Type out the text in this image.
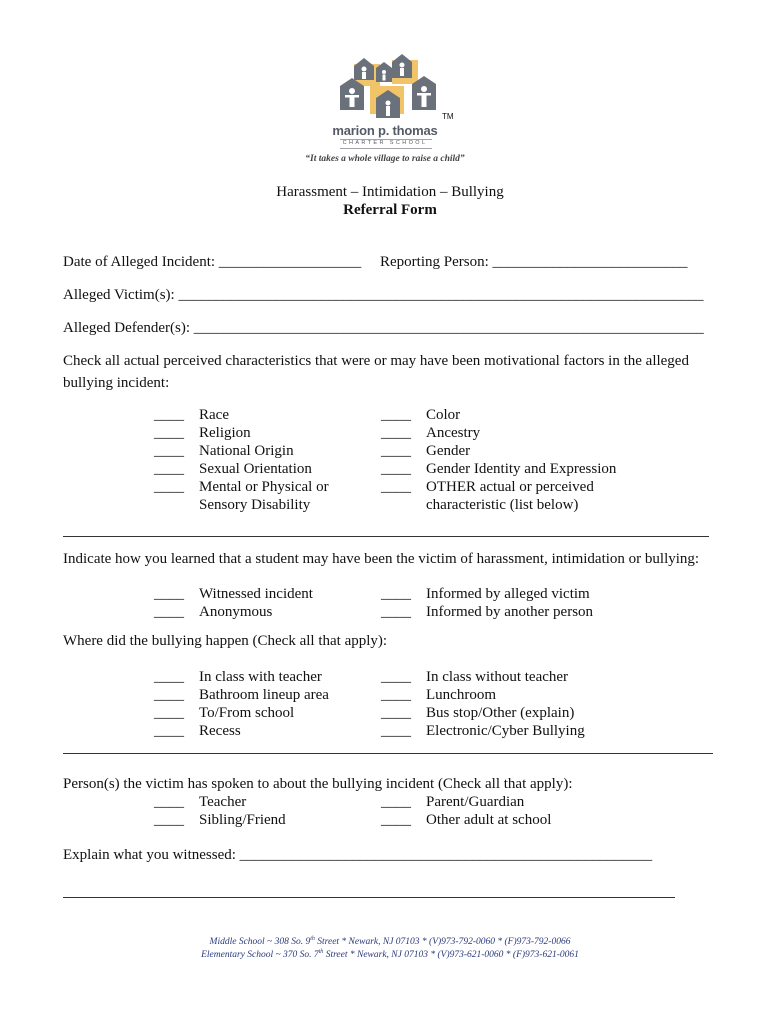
TM
marion p. thomas
CHARTER SCHOOL
“It takes a whole village to raise a child”
Harassment – Intimidation – Bullying
Referral Form
Date of Alleged Incident: ___________________ Reporting Person: __________________________
Alleged Victim(s): ______________________________________________________________________
Alleged Defender(s): ____________________________________________________________________
Check all actual perceived characteristics that were or may have been motivational factors in the alleged
bullying incident:
____ Race
____ Religion
____ National Origin
____ Sexual Orientation
____ Mental or Physical or
Sensory Disability
____ Color
____ Ancestry
____ Gender
____ Gender Identity and Expression
____ OTHER actual or perceived
characteristic (list below)
Indicate how you learned that a student may have been the victim of harassment, intimidation or bullying:
____ Witnessed incident
____ Anonymous
____ Informed by alleged victim
____ Informed by another person
Where did the bullying happen (Check all that apply):
____ In class with teacher
____ Bathroom lineup area
____ To/From school
____ Recess
____ In class without teacher
____ Lunchroom
____ Bus stop/Other (explain)
____ Electronic/Cyber Bullying
Person(s) the victim has spoken to about the bullying incident (Check all that apply):
____ Teacher
____ Sibling/Friend
____ Parent/Guardian
____ Other adult at school
Explain what you witnessed: _______________________________________________________
Middle School ~ 308 So. 9th Street * Newark, NJ 07103 * (V)973-792-0060 * (F)973-792-0066
Elementary School ~ 370 So. 7th Street * Newark, NJ 07103 * (V)973-621-0060 * (F)973-621-0061
